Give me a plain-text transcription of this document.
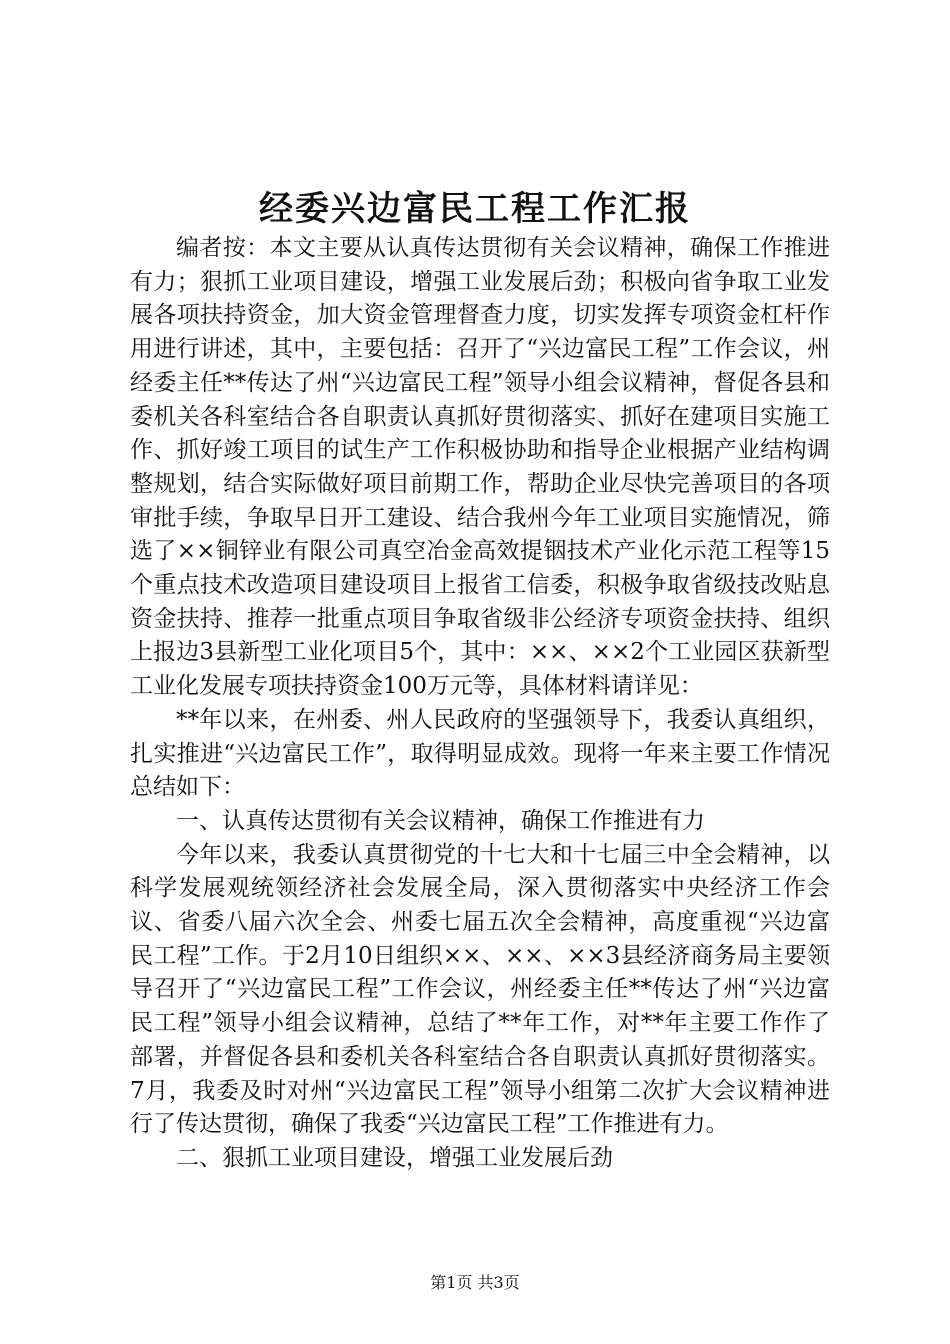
经委兴边富民工程工作汇报

编者按：本文主要从认真传达贯彻有关会议精神，确保工作推进有力；狠抓工业项目建设，增强工业发展后劲；积极向省争取工业发展各项扶持资金，加大资金管理督查力度，切实发挥专项资金杠杆作用进行讲述，其中，主要包括：召开了“兴边富民工程”工作会议，州经委主任**传达了州“兴边富民工程”领导小组会议精神，督促各县和委机关各科室结合各自职责认真抓好贯彻落实、抓好在建项目实施工作、抓好竣工项目的试生产工作积极协助和指导企业根据产业结构调整规划，结合实际做好项目前期工作，帮助企业尽快完善项目的各项审批手续，争取早日开工建设、结合我州今年工业项目实施情况，筛选了××铜锌业有限公司真空冶金高效提铟技术产业化示范工程等15个重点技术改造项目建设项目上报省工信委，积极争取省级技改贴息资金扶持、推荐一批重点项目争取省级非公经济专项资金扶持、组织上报边3县新型工业化项目5个，其中：××、××2个工业园区获新型工业化发展专项扶持资金100万元等，具体材料请详见：

**年以来，在州委、州人民政府的坚强领导下，我委认真组织，扎实推进“兴边富民工作”，取得明显成效。现将一年来主要工作情况总结如下：

一、认真传达贯彻有关会议精神，确保工作推进有力

今年以来，我委认真贯彻党的十七大和十七届三中全会精神，以科学发展观统领经济社会发展全局，深入贯彻落实中央经济工作会议、省委八届六次全会、州委七届五次全会精神，高度重视“兴边富民工程”工作。于2月10日组织××、××、××3县经济商务局主要领导召开了“兴边富民工程”工作会议，州经委主任**传达了州“兴边富民工程”领导小组会议精神，总结了**年工作，对**年主要工作作了部署，并督促各县和委机关各科室结合各自职责认真抓好贯彻落实。7月，我委及时对州“兴边富民工程”领导小组第二次扩大会议精神进行了传达贯彻，确保了我委“兴边富民工程”工作推进有力。

二、狠抓工业项目建设，增强工业发展后劲

第1页 共3页
